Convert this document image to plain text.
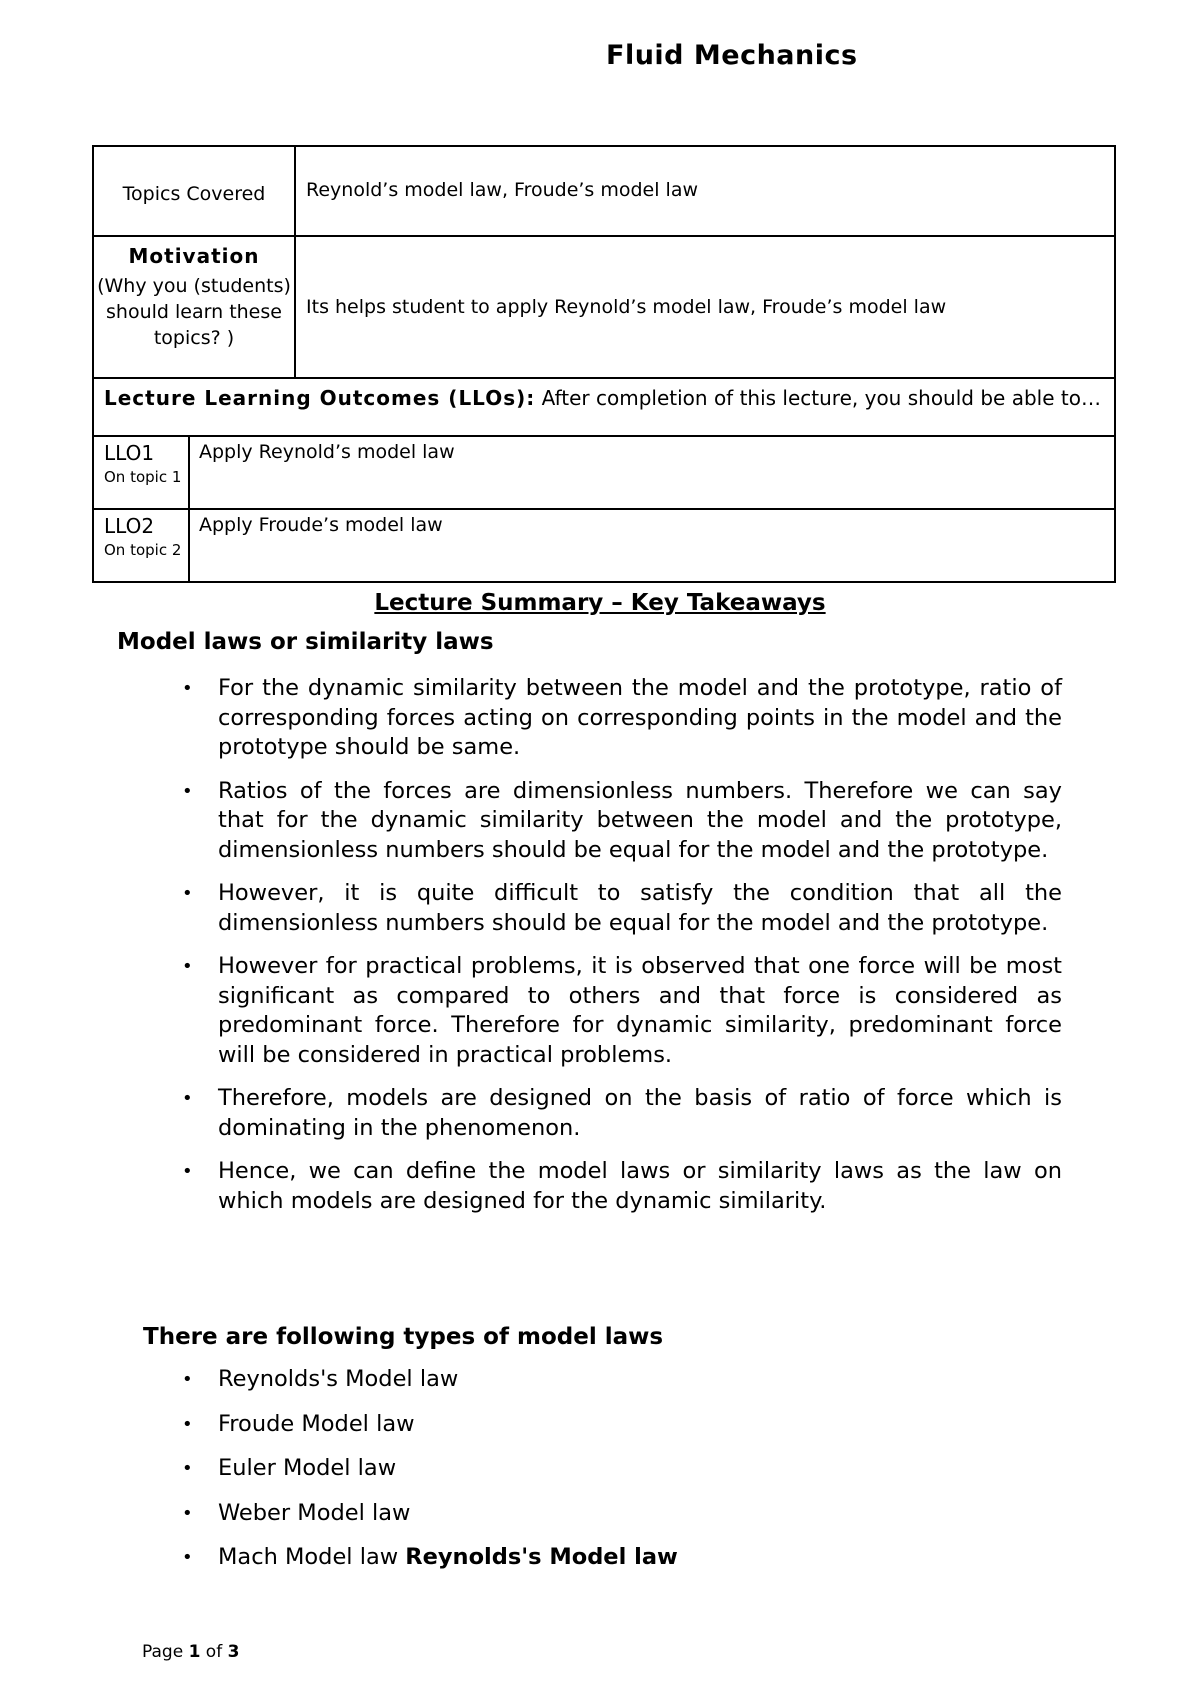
Fluid Mechanics
Topics Covered		Reynold’s model law, Froude’s model law

Motivation
(Why you (students) should learn these topics? )		Its helps student to apply Reynold’s model law, Froude’s model law
Lecture Learning Outcomes (LLOs): After completion of this lecture, you should be able to…		

LLO1
On topic 1	Apply Reynold’s model law	

LLO2
On topic 2	Apply Froude’s model law	
Lecture Summary – Key Takeaways
Model laws or similarity laws
• For the dynamic similarity between the model and the prototype, ratio of corresponding forces acting on corresponding points in the model and the prototype should be same.
• Ratios of the forces are dimensionless numbers. Therefore we can say that for the dynamic similarity between the model and the prototype, dimensionless numbers should be equal for the model and the prototype.
• However, it is quite difficult to satisfy the condition that all the dimensionless numbers should be equal for the model and the prototype.
• However for practical problems, it is observed that one force will be most significant as compared to others and that force is considered as predominant force. Therefore for dynamic similarity, predominant force will be considered in practical problems.
• Therefore, models are designed on the basis of ratio of force which is dominating in the phenomenon.
• Hence, we can define the model laws or similarity laws as the law on which models are designed for the dynamic similarity.
There are following types of model laws
• Reynolds's Model law
• Froude Model law
• Euler Model law
• Weber Model law
• Mach Model law Reynolds's Model law
Page 1 of 3
